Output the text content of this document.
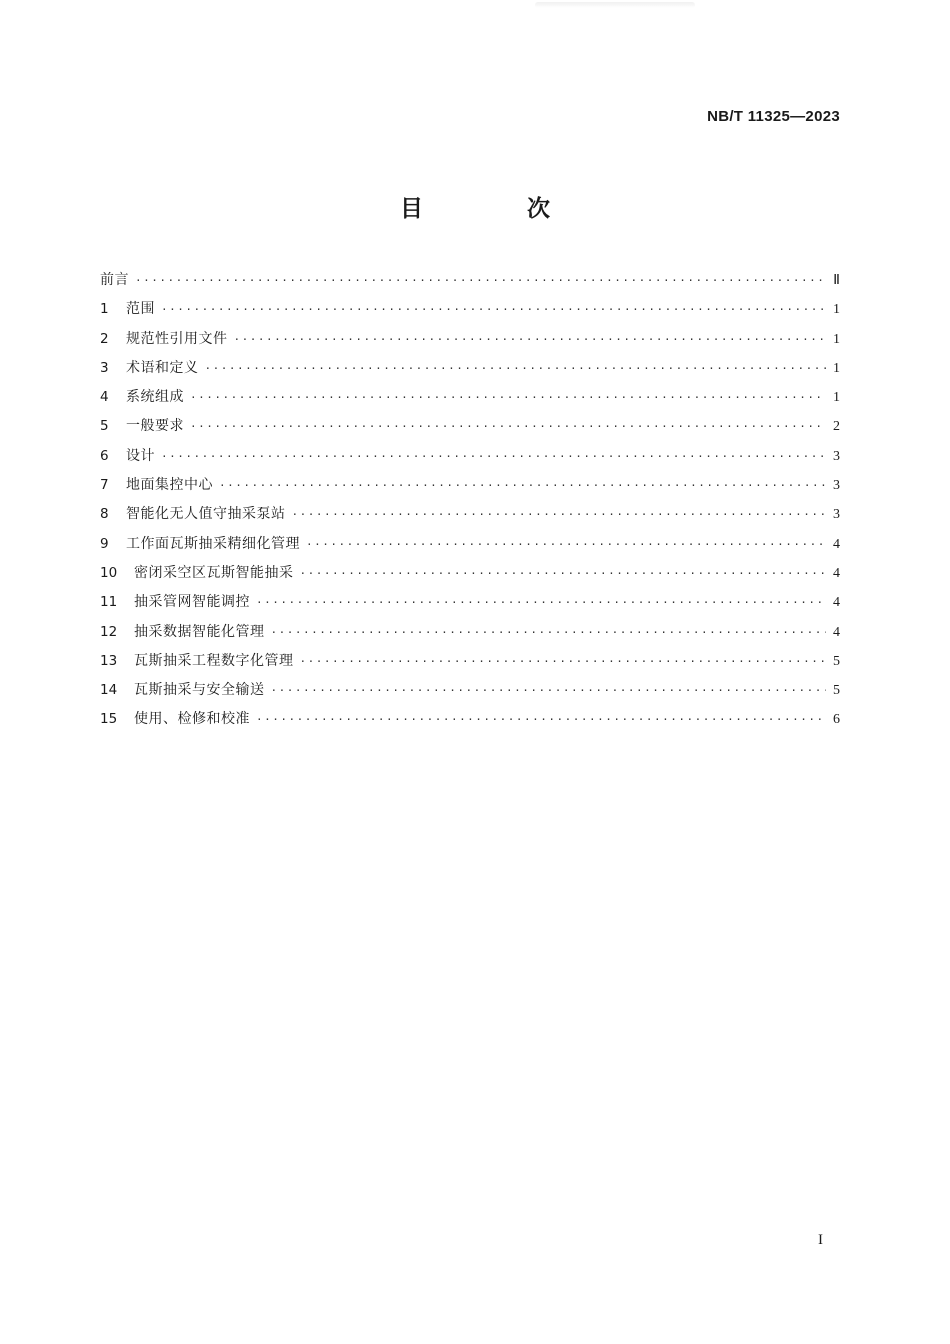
NB/T 11325—2023
目 次
前言 ·····	Ⅱ
1	范围 ·····	1
2	规范性引用文件 ·····	1
3	术语和定义 ·····	1
4	系统组成 ·····	1
5	一般要求 ·····	2
6	设计 ·····	3
7	地面集控中心 ·····	3
8	智能化无人值守抽采泵站 ·····	3
9	工作面瓦斯抽采精细化管理 ·····	4
10	密闭采空区瓦斯智能抽采 ·····	4
11	抽采管网智能调控 ·····	4
12	抽采数据智能化管理 ·····	4
13	瓦斯抽采工程数字化管理 ·····	5
14	瓦斯抽采与安全输送 ·····	5
15	使用、检修和校准 ·····	6
I
